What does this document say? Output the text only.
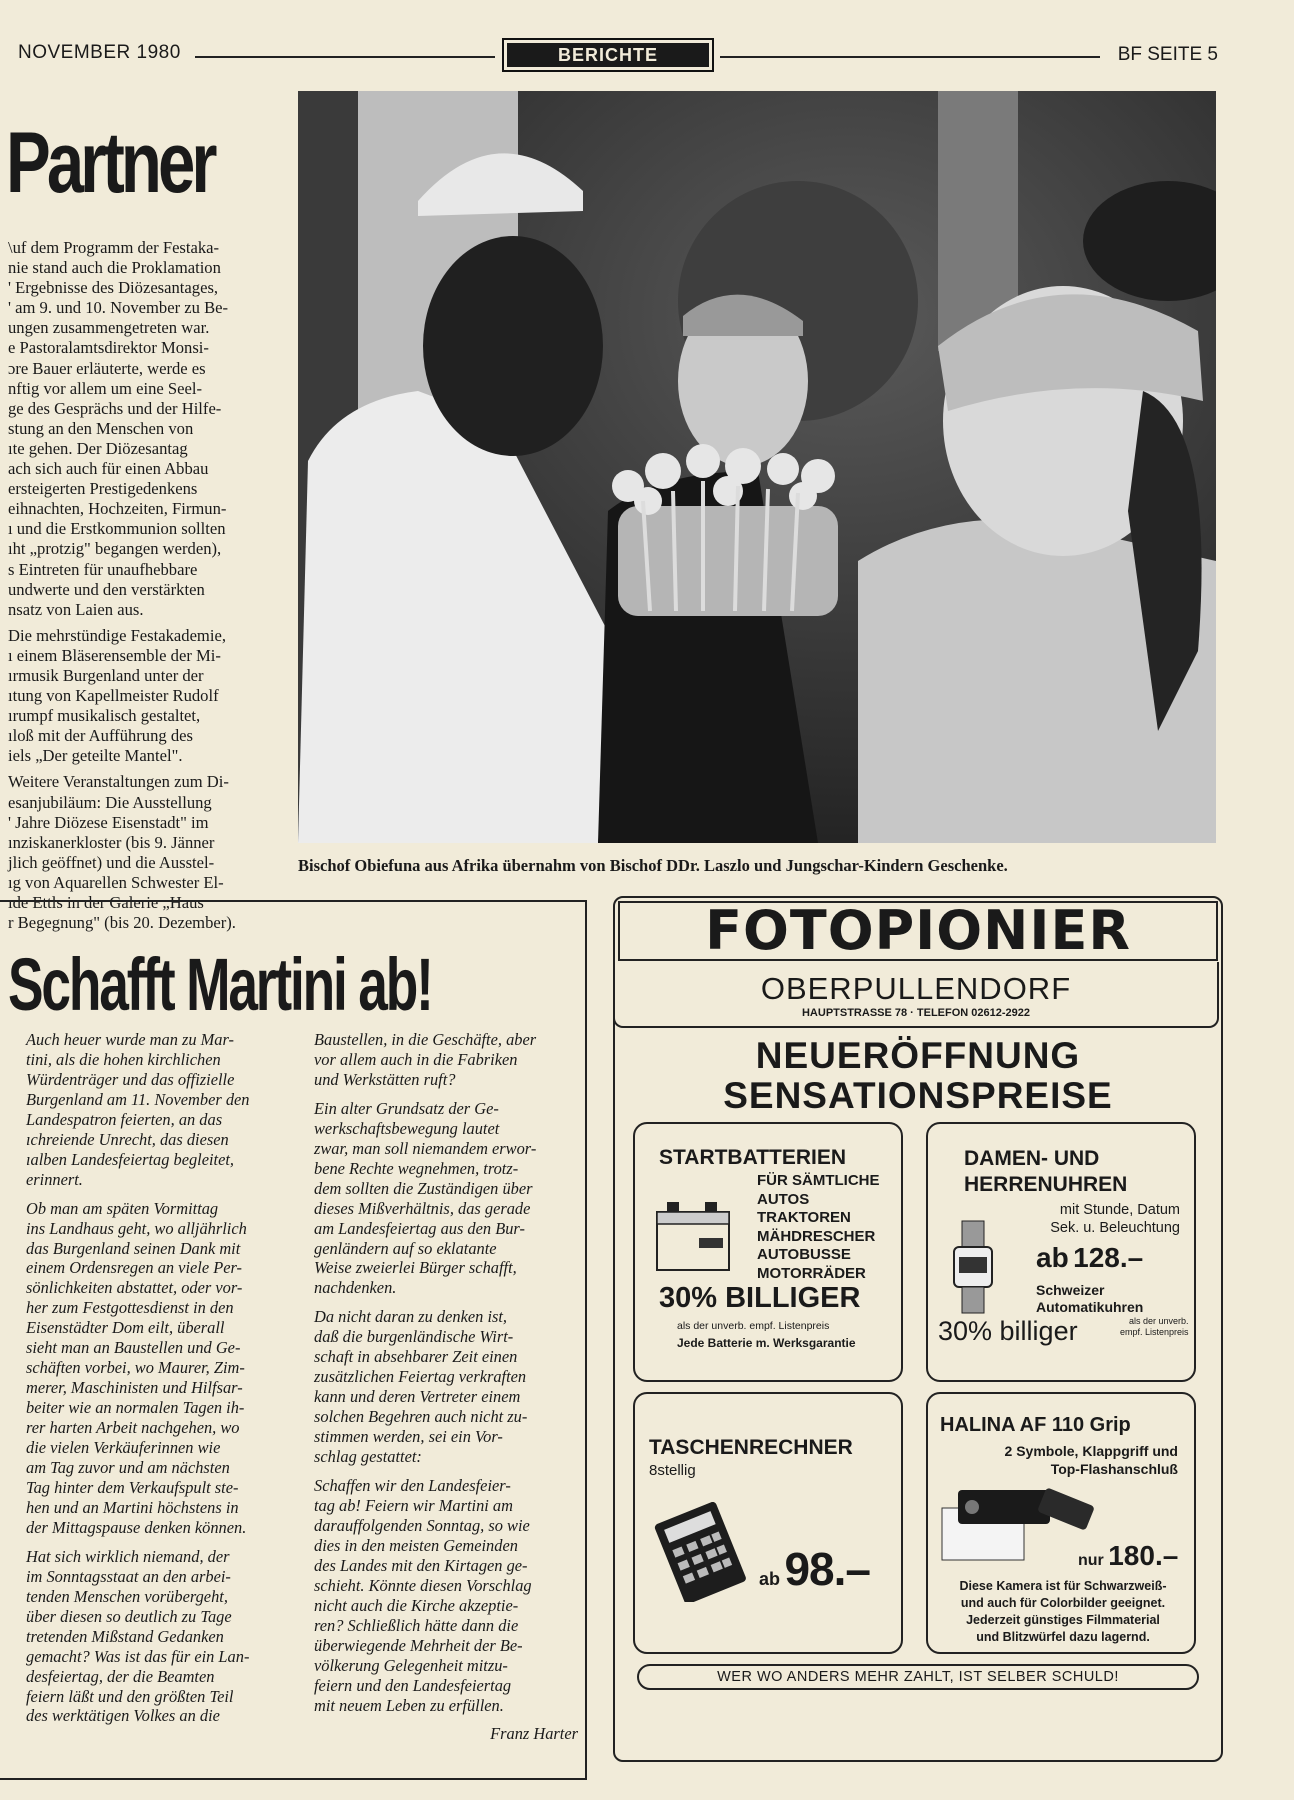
NOVEMBER 1980	BERICHTE	BF SEITE 5
Partner

\uf dem Programm der Festaka-
nie stand auch die Proklamation
' Ergebnisse des Diözesantages,
' am 9. und 10. November zu Be-
ungen zusammengetreten war.
e Pastoralamtsdirektor Monsi-
ɔre Bauer erläuterte, werde es
nftig vor allem um eine Seel-
ge des Gesprächs und der Hilfe-
stung an den Menschen von
ıte gehen. Der Diözesantag
ach sich auch für einen Abbau
ersteigerten Prestigedenkens
eihnachten, Hochzeiten, Firmun-
ı und die Erstkommunion sollten
ıht „protzig" begangen werden),
s Eintreten für unaufhebbare
undwerte und den verstärkten
nsatz von Laien aus.

Die mehrstündige Festakademie,
ı einem Bläserensemble der Mi-
ırmusik Burgenland unter der
ıtung von Kapellmeister Rudolf
ırumpf musikalisch gestaltet,
ıloß mit der Aufführung des
iels „Der geteilte Mantel".

Weitere Veranstaltungen zum Di-
esanjubiläum: Die Ausstellung
' Jahre Diözese Eisenstadt" im
ınziskanerkloster (bis 9. Jänner
jlich geöffnet) und die Ausstel-
ıg von Aquarellen Schwester El-
ıde Ettls in der Galerie „Haus
r Begegnung" (bis 20. Dezember).

Bischof Obiefuna aus Afrika übernahm von Bischof DDr. Laszlo und Jungschar-Kindern Geschenke.
Schafft Martini ab!

Auch heuer wurde man zu Mar-
tini, als die hohen kirchlichen
Würdenträger und das offizielle
Burgenland am 11. November den
Landespatron feierten, an das
ıchreiende Unrecht, das diesen
ıalben Landesfeiertag begleitet,
erinnert.

Ob man am späten Vormittag
ins Landhaus geht, wo alljährlich
das Burgenland seinen Dank mit
einem Ordensregen an viele Per-
sönlichkeiten abstattet, oder vor-
her zum Festgottesdienst in den
Eisenstädter Dom eilt, überall
sieht man an Baustellen und Ge-
schäften vorbei, wo Maurer, Zim-
merer, Maschinisten und Hilfsar-
beiter wie an normalen Tagen ih-
rer harten Arbeit nachgehen, wo
die vielen Verkäuferinnen wie
am Tag zuvor und am nächsten
Tag hinter dem Verkaufspult ste-
hen und an Martini höchstens in
der Mittagspause denken können.

Hat sich wirklich niemand, der
im Sonntagsstaat an den arbei-
tenden Menschen vorübergeht,
über diesen so deutlich zu Tage
tretenden Mißstand Gedanken
gemacht? Was ist das für ein Lan-
desfeiertag, der die Beamten
feiern läßt und den größten Teil
des werktätigen Volkes an die

Baustellen, in die Geschäfte, aber
vor allem auch in die Fabriken
und Werkstätten ruft?

Ein alter Grundsatz der Ge-
werkschaftsbewegung lautet
zwar, man soll niemandem erwor-
bene Rechte wegnehmen, trotz-
dem sollten die Zuständigen über
dieses Mißverhältnis, das gerade
am Landesfeiertag aus den Bur-
genländern auf so eklatante
Weise zweierlei Bürger schafft,
nachdenken.

Da nicht daran zu denken ist,
daß die burgenländische Wirt-
schaft in absehbarer Zeit einen
zusätzlichen Feiertag verkraften
kann und deren Vertreter einem
solchen Begehren auch nicht zu-
stimmen werden, sei ein Vor-
schlag gestattet:

Schaffen wir den Landesfeier-
tag ab! Feiern wir Martini am
darauffolgenden Sonntag, so wie
dies in den meisten Gemeinden
des Landes mit den Kirtagen ge-
schieht. Könnte diesen Vorschlag
nicht auch die Kirche akzeptie-
ren? Schließlich hätte dann die
überwiegende Mehrheit der Be-
völkerung Gelegenheit mitzu-
feiern und den Landesfeiertag
mit neuem Leben zu erfüllen.

Franz Harter
FOTOPIONIER
OBERPULLENDORF
HAUPTSTRASSE 78 · TELEFON 02612-2922
NEUERÖFFNUNG
SENSATIONSPREISE
STARTBATTERIEN
FÜR SÄMTLICHE
AUTOS
TRAKTOREN
MÄHDRESCHER
AUTOBUSSE
MOTORRÄDER
30% BILLIGER
als der unverb. empf. Listenpreis
Jede Batterie m. Werksgarantie
DAMEN- UND
HERRENUHREN
mit Stunde, Datum
Sek. u. Beleuchtung
ab 128.–
Schweizer
Automatikuhren
30% billiger	als der unverb.
empf. Listenpreis
TASCHENRECHNER
8stellig
ab 98.–
HALINA AF 110 Grip
2 Symbole, Klappgriff und
Top-Flashanschluß
nur 180.–
Diese Kamera ist für Schwarzweiß-
und auch für Colorbilder geeignet.
Jederzeit günstiges Filmmaterial
und Blitzwürfel dazu lagernd.
WER WO ANDERS MEHR ZAHLT, IST SELBER SCHULD!
